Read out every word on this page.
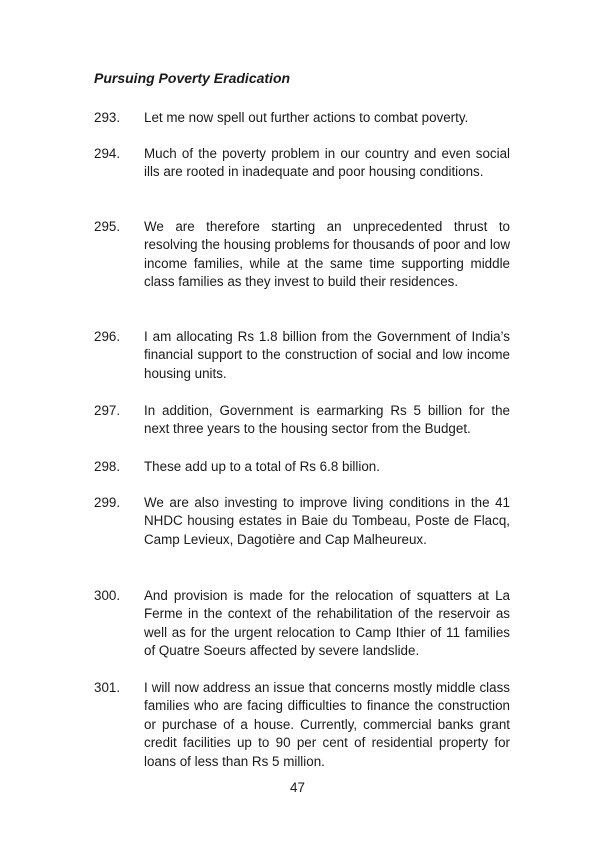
Pursuing Poverty Eradication
293. Let me now spell out further actions to combat poverty.
294. Much of the poverty problem in our country and even social ills are rooted in inadequate and poor housing conditions.
295. We are therefore starting an unprecedented thrust to resolving the housing problems for thousands of poor and low income families, while at the same time supporting middle class families as they invest to build their residences.
296. I am allocating Rs 1.8 billion from the Government of India’s financial support to the construction of social and low income housing units.
297. In addition, Government is earmarking Rs 5 billion for the next three years to the housing sector from the Budget.
298. These add up to a total of Rs 6.8 billion.
299. We are also investing to improve living conditions in the 41 NHDC housing estates in Baie du Tombeau, Poste de Flacq, Camp Levieux, Dagotière and Cap Malheureux.
300. And provision is made for the relocation of squatters at La Ferme in the context of the rehabilitation of the reservoir as well as for the urgent relocation to Camp Ithier of 11 families of Quatre Soeurs affected by severe landslide.
301. I will now address an issue that concerns mostly middle class families who are facing difficulties to finance the construction or purchase of a house. Currently, commercial banks grant credit facilities up to 90 per cent of residential property for loans of less than Rs 5 million.
47
